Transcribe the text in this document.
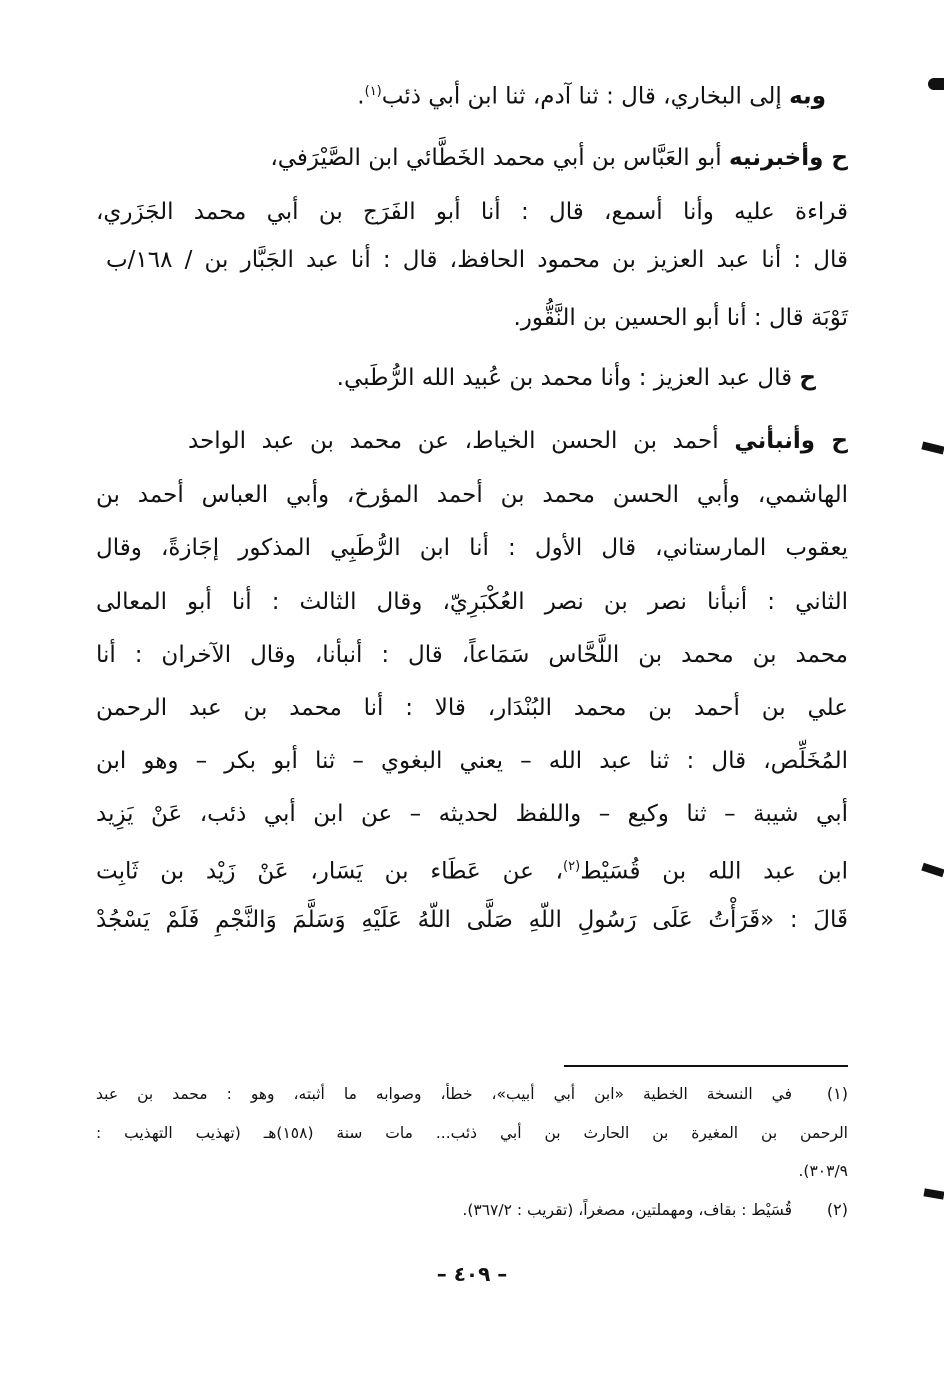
وبه إلى البخاري، قال : ثنا آدم، ثنا ابن أبي ذئب$^{(١)}$.
ح وأخبرنيه أبو العَبَّاس بن أبي محمد الخَطَّائي ابن الصَّيْرَفي،
قراءة عليه وأنا أسمع، قال : أنا أبو الفَرَج بن أبي محمد الجَزَري،
قال : أنا عبد العزيز بن محمود الحافظ، قال : أنا عبد الجَبَّار بن / ١٦٨/ب
تَوْبَة قال : أنا أبو الحسين بن النَّقُّور.
ح قال عبد العزيز : وأنا محمد بن عُبيد الله الرُّطَبي.
ح وأنبأني أحمد بن الحسن الخياط، عن محمد بن عبد الواحد
الهاشمي، وأبي الحسن محمد بن أحمد المؤرخ، وأبي العباس أحمد بن
يعقوب المارستاني، قال الأول : أنا ابن الرُّطَبِي المذكور إجَازةً، وقال
الثاني : أنبأنا نصر بن نصر العُكْبَرِيّ، وقال الثالث : أنا أبو المعالى
محمد بن محمد بن اللَّحَّاس سَمَاعاً، قال : أنبأنا، وقال الآخران : أنا
علي بن أحمد بن محمد البُنْدَار، قالا : أنا محمد بن عبد الرحمن
المُخَلِّص، قال : ثنا عبد الله – يعني البغوي – ثنا أبو بكر – وهو ابن
أبي شيبة – ثنا وكيع – واللفظ لحديثه – عن ابن أبي ذئب، عَنْ يَزِيد
ابن عبد الله بن قُسَيْط$^{(٢)}$، عن عَطَاء بن يَسَار، عَنْ زَيْد بن ثَابِت
قَالَ : «قَرَأْتُ عَلَى رَسُولِ اللّهِ صَلَّى اللّهُ عَلَيْهِ وَسَلَّمَ وَالنَّجْمِ فَلَمْ يَسْجُدْ
(١)
في النسخة الخطية «ابن أبي أبيب»، خطأ، وصوابه ما أثبته، وهو : محمد بن عبد
الرحمن بن المغيرة بن الحارث بن أبي ذئب... مات سنة (١٥٨)هـ (تهذيب التهذيب :
٣٠٣/٩).
(٢)
قُسَيْط : بقاف، ومهملتين، مصغراً، (تقريب : ٣٦٧/٢).
– ٤٠٩ –
